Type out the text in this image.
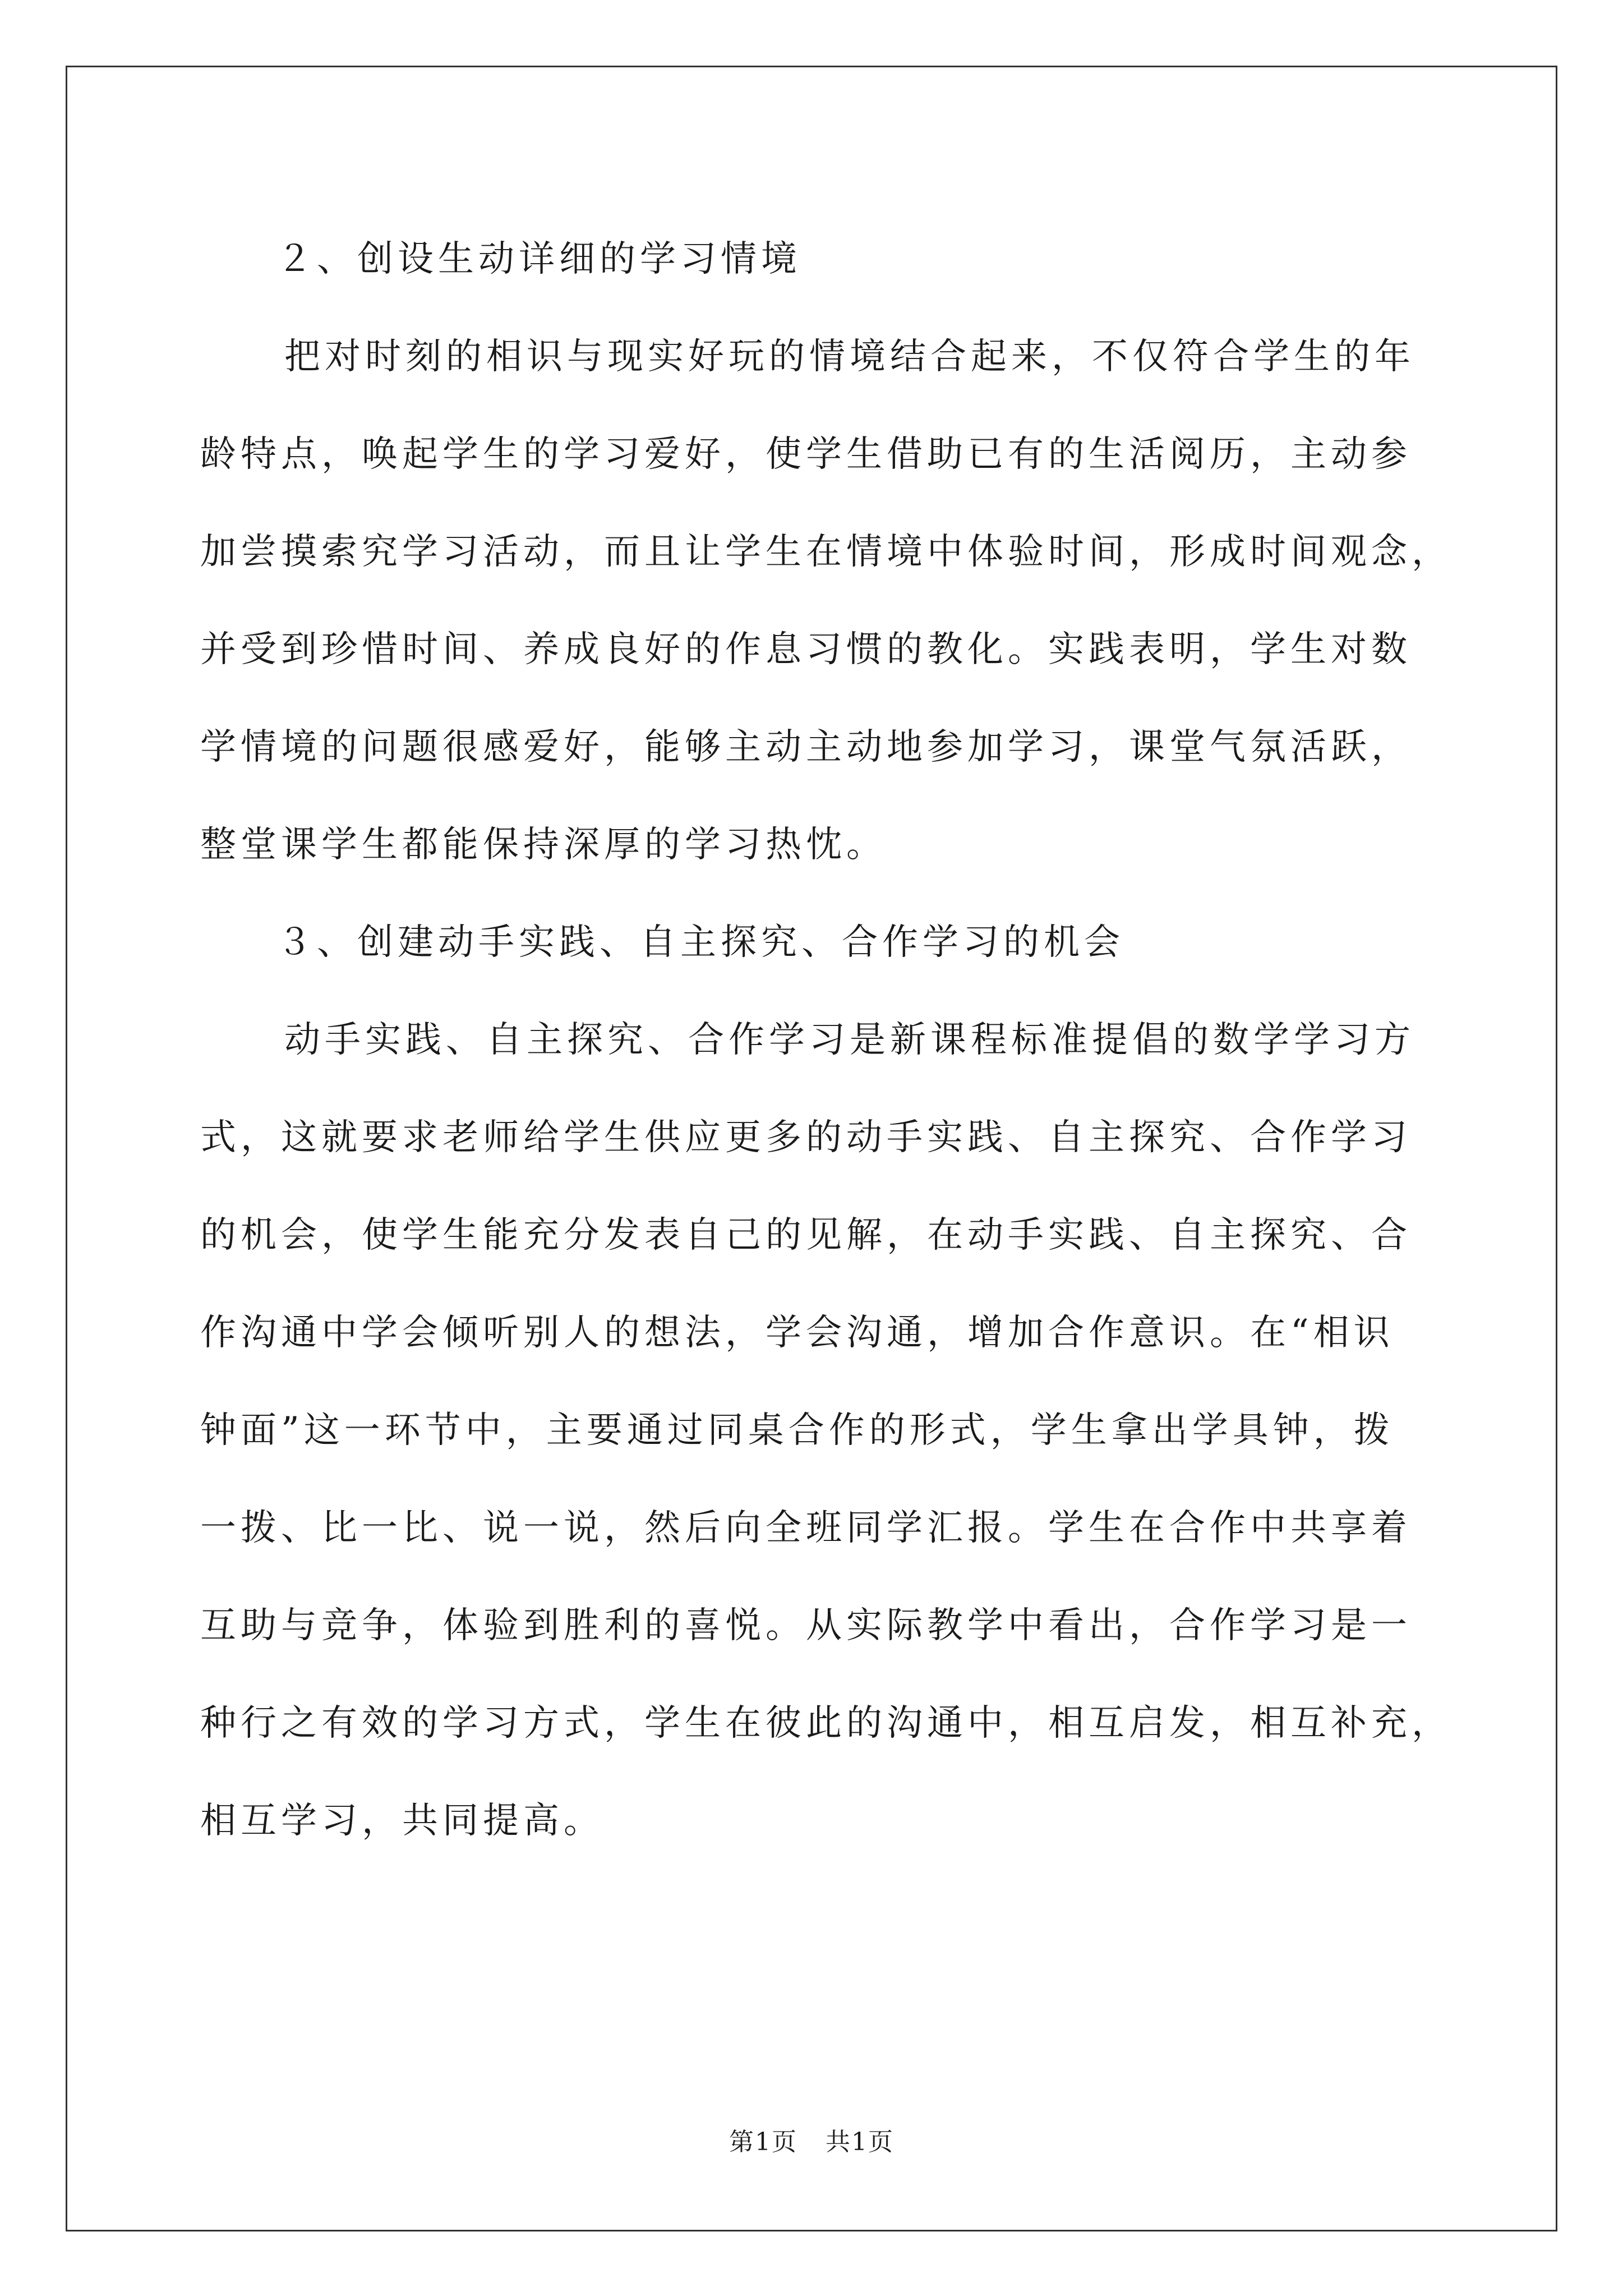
２、创设生动详细的学习情境
把对时刻的相识与现实好玩的情境结合起来，不仅符合学生的年
龄特点，唤起学生的学习爱好，使学生借助已有的生活阅历，主动参
加尝摸索究学习活动，而且让学生在情境中体验时间，形成时间观念，
并受到珍惜时间、养成良好的作息习惯的教化。实践表明，学生对数
学情境的问题很感爱好，能够主动主动地参加学习，课堂气氛活跃，
整堂课学生都能保持深厚的学习热忱。
３、创建动手实践、自主探究、合作学习的机会
动手实践、自主探究、合作学习是新课程标准提倡的数学学习方
式，这就要求老师给学生供应更多的动手实践、自主探究、合作学习
的机会，使学生能充分发表自己的见解，在动手实践、自主探究、合
作沟通中学会倾听别人的想法，学会沟通，增加合作意识。在“相识
钟面”这一环节中，主要通过同桌合作的形式，学生拿出学具钟，拨
一拨、比一比、说一说，然后向全班同学汇报。学生在合作中共享着
互助与竞争，体验到胜利的喜悦。从实际教学中看出，合作学习是一
种行之有效的学习方式，学生在彼此的沟通中，相互启发，相互补充，
相互学习，共同提高。
第1页 共1页
